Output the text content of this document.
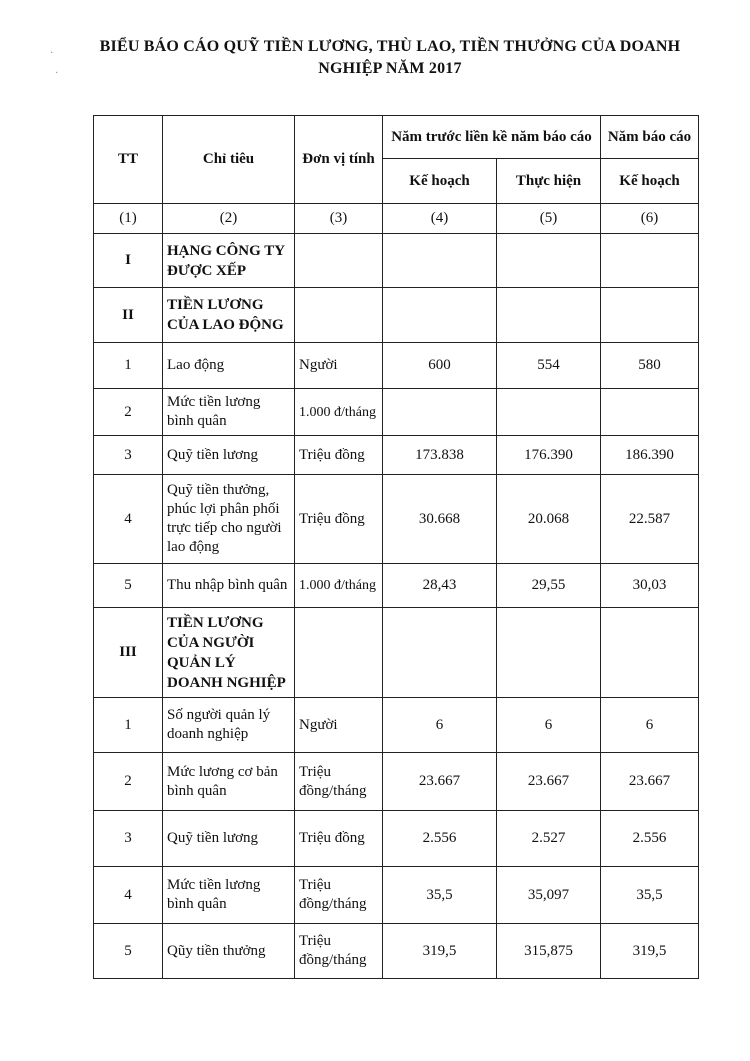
BIỂU BÁO CÁO QUỸ TIỀN LƯƠNG, THÙ LAO, TIỀN THƯỞNG CỦA DOANH
NGHIỆP NĂM 2017
·
·
TT	Chỉ tiêu	Đơn vị tính	Năm trước liền kề năm báo cáo		Năm báo cáo
			Kế hoạch	Thực hiện	Kế hoạch
(1)	(2)	(3)	(4)	(5)	(6)
I	HẠNG CÔNG TY ĐƯỢC XẾP				
II	TIỀN LƯƠNG CỦA LAO ĐỘNG				
1	Lao động	Người	600	554	580
2	Mức tiền lương bình quân	1.000 đ/tháng			
3	Quỹ tiền lương	Triệu đồng	173.838	176.390	186.390
4	Quỹ tiền thưởng, phúc lợi phân phối trực tiếp cho người lao động	Triệu đồng	30.668	20.068	22.587
5	Thu nhập bình quân	1.000 đ/tháng	28,43	29,55	30,03
III	TIỀN LƯƠNG CỦA NGƯỜI QUẢN LÝ DOANH NGHIỆP				
1	Số người quản lý doanh nghiệp	Người	6	6	6
2	Mức lương cơ bản bình quân	Triệu đồng/tháng	23.667	23.667	23.667
3	Quỹ tiền lương	Triệu đồng	2.556	2.527	2.556
4	Mức tiền lương bình quân	Triệu đồng/tháng	35,5	35,097	35,5
5	Qũy tiền thưởng	Triệu đồng/tháng	319,5	315,875	319,5
